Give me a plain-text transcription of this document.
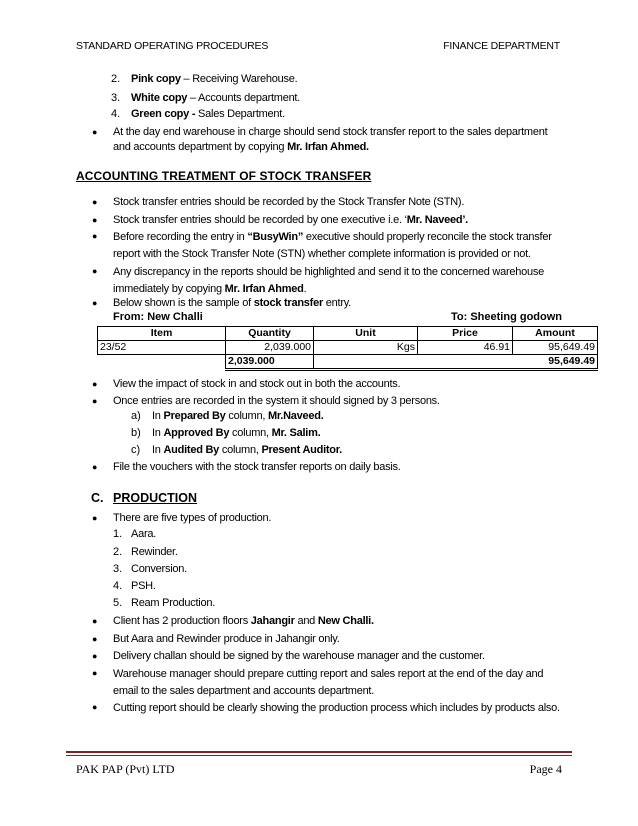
STANDARD OPERATING PROCEDURES	FINANCE DEPARTMENT
2. Pink copy – Receiving Warehouse.
3. White copy – Accounts department.
4. Green copy - Sales Department.
● At the day end warehouse in charge should send stock transfer report to the sales department and accounts department by copying Mr. Irfan Ahmed.
ACCOUNTING TREATMENT OF STOCK TRANSFER
● Stock transfer entries should be recorded by the Stock Transfer Note (STN).
● Stock transfer entries should be recorded by one executive i.e. ‘Mr. Naveed’.
● Before recording the entry in “BusyWin” executive should properly reconcile the stock transfer report with the Stock Transfer Note (STN) whether complete information is provided or not.
● Any discrepancy in the reports should be highlighted and send it to the concerned warehouse immediately by copying Mr. Irfan Ahmed.
● Below shown is the sample of stock transfer entry.
From: New Challi	To: Sheeting godown
Item	Quantity	Unit	Price	Amount
23/52	2,039.000	Kgs	46.91	95,649.49
	2,039.000			95,649.49
● View the impact of stock in and stock out in both the accounts.
● Once entries are recorded in the system it should signed by 3 persons.
a) In Prepared By column, Mr.Naveed.
b) In Approved By column, Mr. Salim.
c) In Audited By column, Present Auditor.
● File the vouchers with the stock transfer reports on daily basis.
C. PRODUCTION
● There are five types of production.
1. Aara.
2. Rewinder.
3. Conversion.
4. PSH.
5. Ream Production.
● Client has 2 production floors Jahangir and New Challi.
● But Aara and Rewinder produce in Jahangir only.
● Delivery challan should be signed by the warehouse manager and the customer.
● Warehouse manager should prepare cutting report and sales report at the end of the day and email to the sales department and accounts department.
● Cutting report should be clearly showing the production process which includes by products also.
PAK PAP (Pvt) LTD	Page 4
